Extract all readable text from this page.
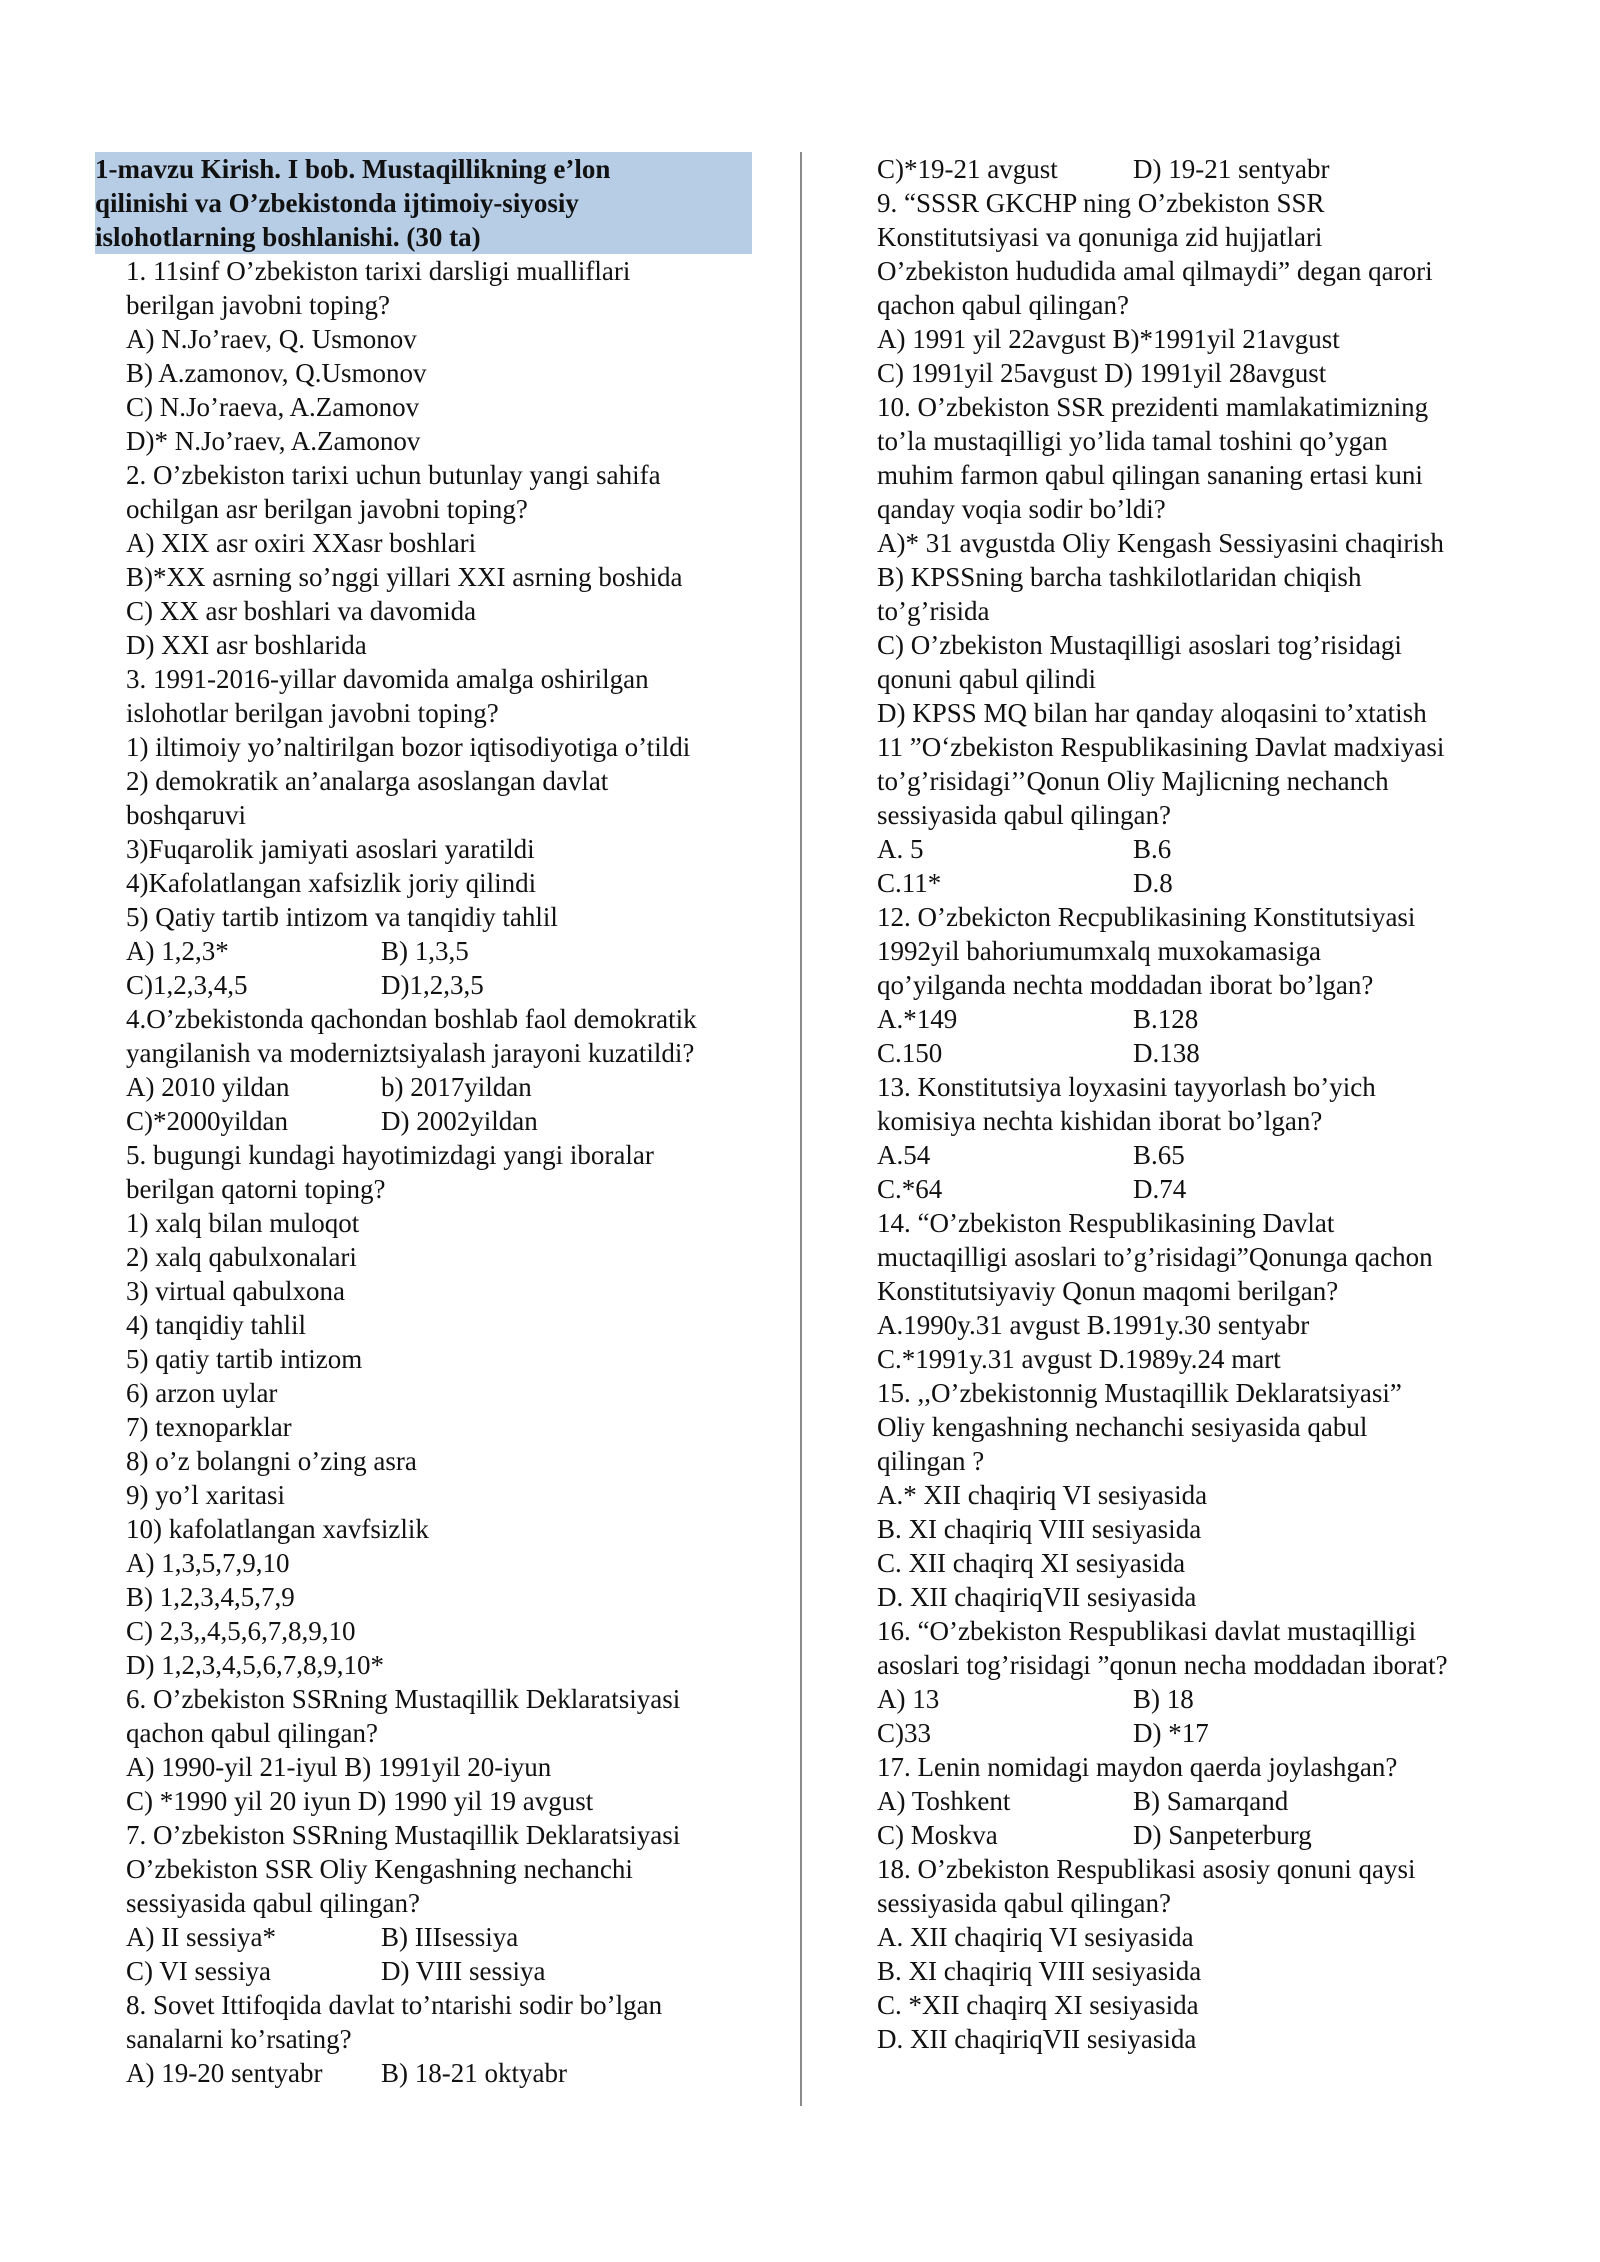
1-mavzu Kirish. I bob. Mustaqillikning e’lon
qilinishi va O’zbekistonda ijtimoiy-siyosiy
islohotlarning boshlanishi. (30 ta)
1. 11sinf O’zbekiston tarixi darsligi mualliflari
berilgan javobni toping?
A) N.Jo’raev, Q. Usmonov
B) A.zamonov, Q.Usmonov
C) N.Jo’raeva, A.Zamonov
D)* N.Jo’raev, A.Zamonov
2. O’zbekiston tarixi uchun butunlay yangi sahifa
ochilgan asr berilgan javobni toping?
A) XIX asr oxiri XXasr boshlari
B)*XX asrning so’nggi yillari XXI asrning boshida
C) XX asr boshlari va davomida
D) XXI asr boshlarida
3. 1991-2016-yillar davomida amalga oshirilgan
islohotlar berilgan javobni toping?
1) iltimoiy yo’naltirilgan bozor iqtisodiyotiga o’tildi
2) demokratik an’analarga asoslangan davlat
boshqaruvi
3)Fuqarolik jamiyati asoslari yaratildi
4)Kafolatlangan xafsizlik joriy qilindi
5) Qatiy tartib intizom va tanqidiy tahlil
A) 1,2,3*	B) 1,3,5
C)1,2,3,4,5	D)1,2,3,5
4.O’zbekistonda qachondan boshlab faol demokratik
yangilanish va moderniztsiyalash jarayoni kuzatildi?
A) 2010 yildan	b) 2017yildan
C)*2000yildan	D) 2002yildan
5. bugungi kundagi hayotimizdagi yangi iboralar
berilgan qatorni toping?
1) xalq bilan muloqot
2) xalq qabulxonalari
3) virtual qabulxona
4) tanqidiy tahlil
5) qatiy tartib intizom
6) arzon uylar
7) texnoparklar
8) o’z bolangni o’zing asra
9) yo’l xaritasi
10) kafolatlangan xavfsizlik
A) 1,3,5,7,9,10
B) 1,2,3,4,5,7,9
C) 2,3,,4,5,6,7,8,9,10
D) 1,2,3,4,5,6,7,8,9,10*
6. O’zbekiston SSRning Mustaqillik Deklaratsiyasi
qachon qabul qilingan?
A) 1990-yil 21-iyul B) 1991yil 20-iyun
C) *1990 yil 20 iyun D) 1990 yil 19 avgust
7. O’zbekiston SSRning Mustaqillik Deklaratsiyasi
O’zbekiston SSR Oliy Kengashning nechanchi
sessiyasida qabul qilingan?
A) II sessiya*	B) IIIsessiya
C) VI sessiya	D) VIII sessiya
8. Sovet Ittifoqida davlat to’ntarishi sodir bo’lgan
sanalarni ko’rsating?
A) 19-20 sentyabr	B) 18-21 oktyabr
C)*19-21 avgust	D) 19-21 sentyabr
9. “SSSR GKCHP ning O’zbekiston SSR
Konstitutsiyasi va qonuniga zid hujjatlari
O’zbekiston hududida amal qilmaydi” degan qarori
qachon qabul qilingan?
A) 1991 yil 22avgust B)*1991yil 21avgust
C) 1991yil 25avgust D) 1991yil 28avgust
10. O’zbekiston SSR prezidenti mamlakatimizning
to’la mustaqilligi yo’lida tamal toshini qo’ygan
muhim farmon qabul qilingan sananing ertasi kuni
qanday voqia sodir bo’ldi?
A)* 31 avgustda Oliy Kengash Sessiyasini chaqirish
B) KPSSning barcha tashkilotlaridan chiqish
to’g’risida
C) O’zbekiston Mustaqilligi asoslari tog’risidagi
qonuni qabul qilindi
D) KPSS MQ bilan har qanday aloqasini to’xtatish
11 ”O‘zbekiston Respublikasining Davlat madxiyasi
to’g’risidagi’’Qonun Oliy Majlicning nechanch
sessiyasida qabul qilingan?
A. 5	B.6
C.11*	D.8
12. O’zbekicton Recpublikasining Konstitutsiyasi
1992yil bahoriumumxalq muxokamasiga
qo’yilganda nechta moddadan iborat bo’lgan?
A.*149	B.128
C.150	D.138
13. Konstitutsiya loyxasini tayyorlash bo’yich
komisiya nechta kishidan iborat bo’lgan?
A.54	B.65
C.*64	D.74
14. “O’zbekiston Respublikasining Davlat
muctaqilligi asoslari to’g’risidagi”Qonunga qachon
Konstitutsiyaviy Qonun maqomi berilgan?
A.1990y.31 avgust B.1991y.30 sentyabr
C.*1991y.31 avgust D.1989y.24 mart
15. ,,O’zbekistonnig Mustaqillik Deklaratsiyasi”
Oliy kengashning nechanchi sesiyasida qabul
qilingan ?
A.* XII chaqiriq VI sesiyasida
B. XI chaqiriq VIII sesiyasida
C. XII chaqirq XI sesiyasida
D. XII chaqiriqVII sesiyasida
16. “O’zbekiston Respublikasi davlat mustaqilligi
asoslari tog’risidagi ”qonun necha moddadan iborat?
A) 13	B) 18
C)33	D) *17
17. Lenin nomidagi maydon qaerda joylashgan?
A) Toshkent	B) Samarqand
C) Moskva	D) Sanpeterburg
18. O’zbekiston Respublikasi asosiy qonuni qaysi
sessiyasida qabul qilingan?
A. XII chaqiriq VI sesiyasida
B. XI chaqiriq VIII sesiyasida
C. *XII chaqirq XI sesiyasida
D. XII chaqiriqVII sesiyasida
